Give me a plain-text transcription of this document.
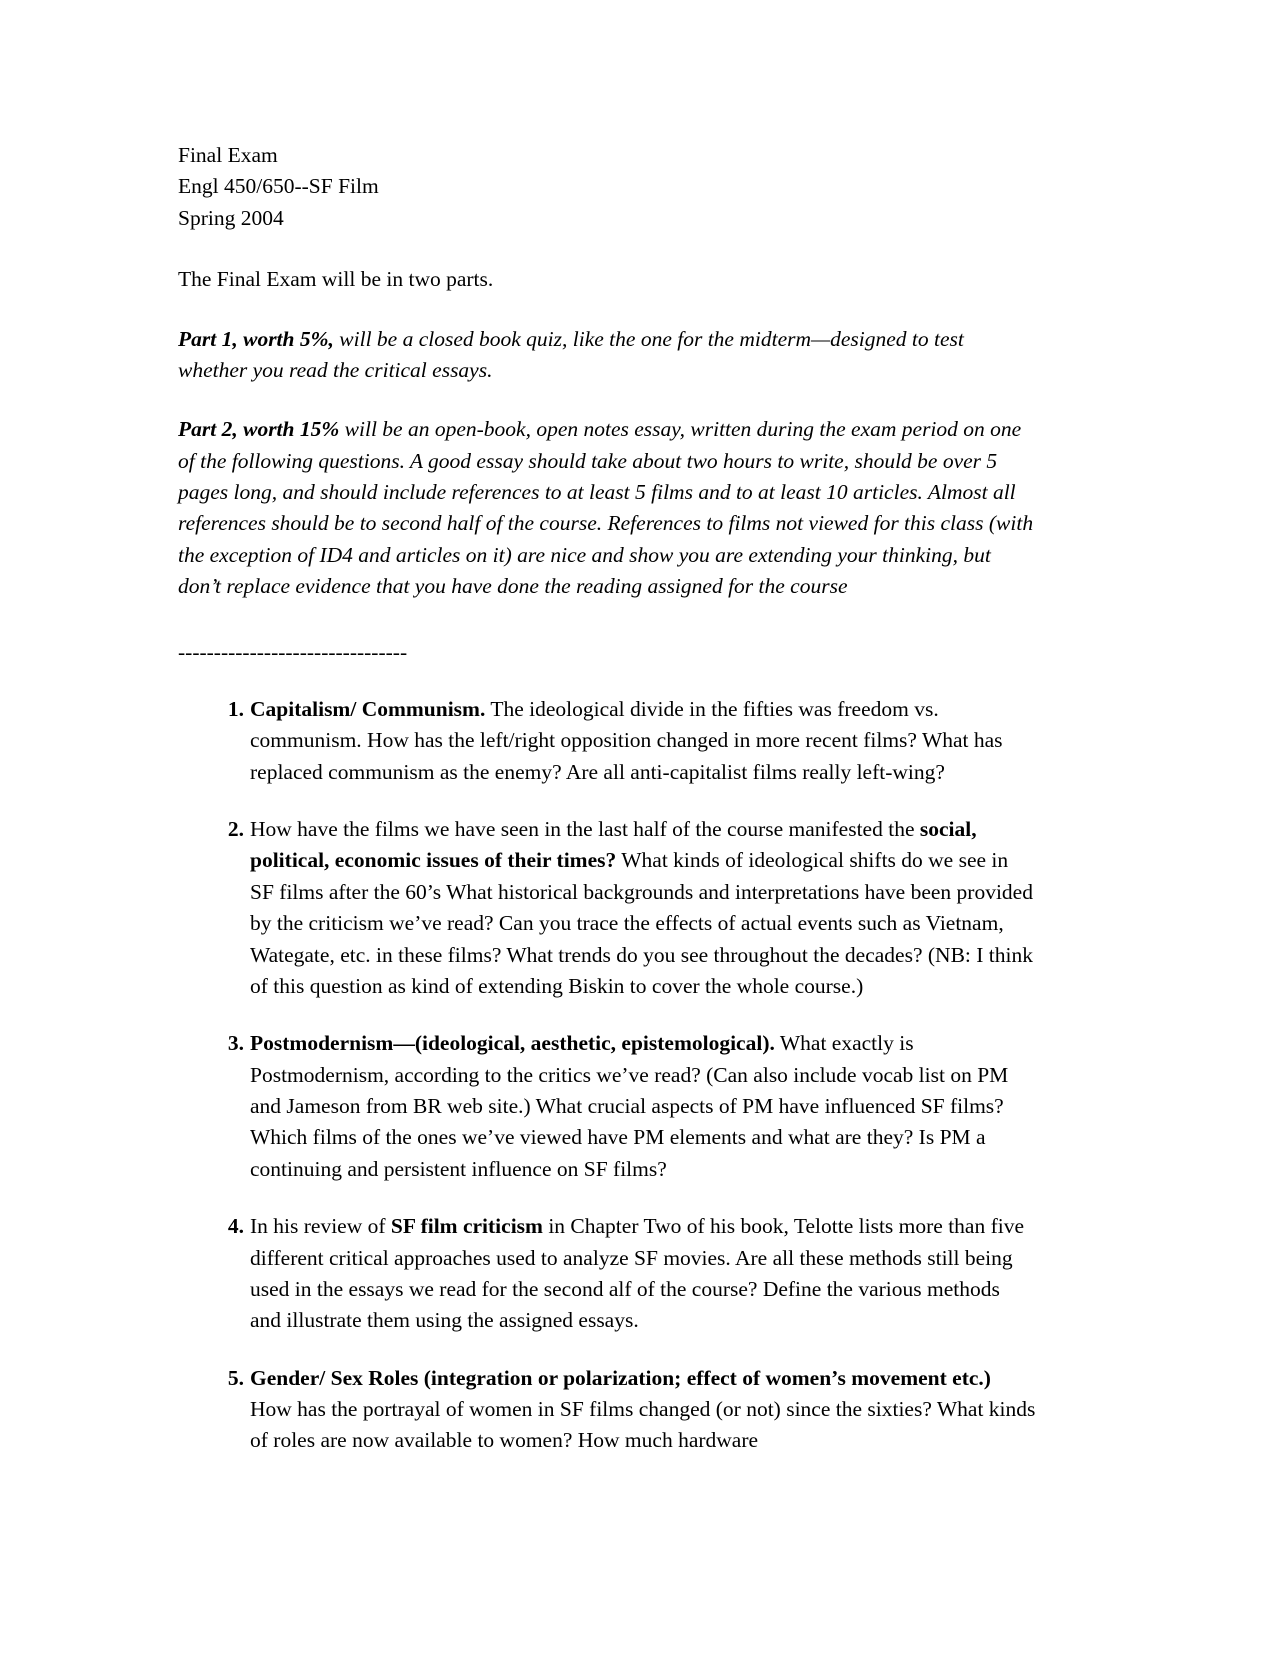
Final Exam
Engl 450/650--SF Film
Spring 2004

The Final Exam will be in two parts.

Part 1, worth 5%, will be a closed book quiz, like the one for the midterm—designed to test whether you read the critical essays.

Part 2, worth 15% will be an open-book, open notes essay, written during the exam period on one of the following questions. A good essay should take about two hours to write, should be over 5 pages long, and should include references to at least 5 films and to at least 10 articles. Almost all references should be to second half of the course. References to films not viewed for this class (with the exception of ID4 and articles on it) are nice and show you are extending your thinking, but don’t replace evidence that you have done the reading assigned for the course

--------------------------------
1. Capitalism/ Communism. The ideological divide in the fifties was freedom vs. communism. How has the left/right opposition changed in more recent films? What has replaced communism as the enemy? Are all anti-capitalist films really left-wing?
2. How have the films we have seen in the last half of the course manifested the social, political, economic issues of their times? What kinds of ideological shifts do we see in SF films after the 60’s What historical backgrounds and interpretations have been provided by the criticism we’ve read? Can you trace the effects of actual events such as Vietnam, Wategate, etc. in these films? What trends do you see throughout the decades? (NB: I think of this question as kind of extending Biskin to cover the whole course.)
3. Postmodernism—(ideological, aesthetic, epistemological). What exactly is Postmodernism, according to the critics we’ve read? (Can also include vocab list on PM and Jameson from BR web site.) What crucial aspects of PM have influenced SF films? Which films of the ones we’ve viewed have PM elements and what are they? Is PM a continuing and persistent influence on SF films?
4. In his review of SF film criticism in Chapter Two of his book, Telotte lists more than five different critical approaches used to analyze SF movies. Are all these methods still being used in the essays we read for the second alf of the course? Define the various methods and illustrate them using the assigned essays.
5. Gender/ Sex Roles (integration or polarization; effect of women’s movement etc.) How has the portrayal of women in SF films changed (or not) since the sixties? What kinds of roles are now available to women? How much hardware
